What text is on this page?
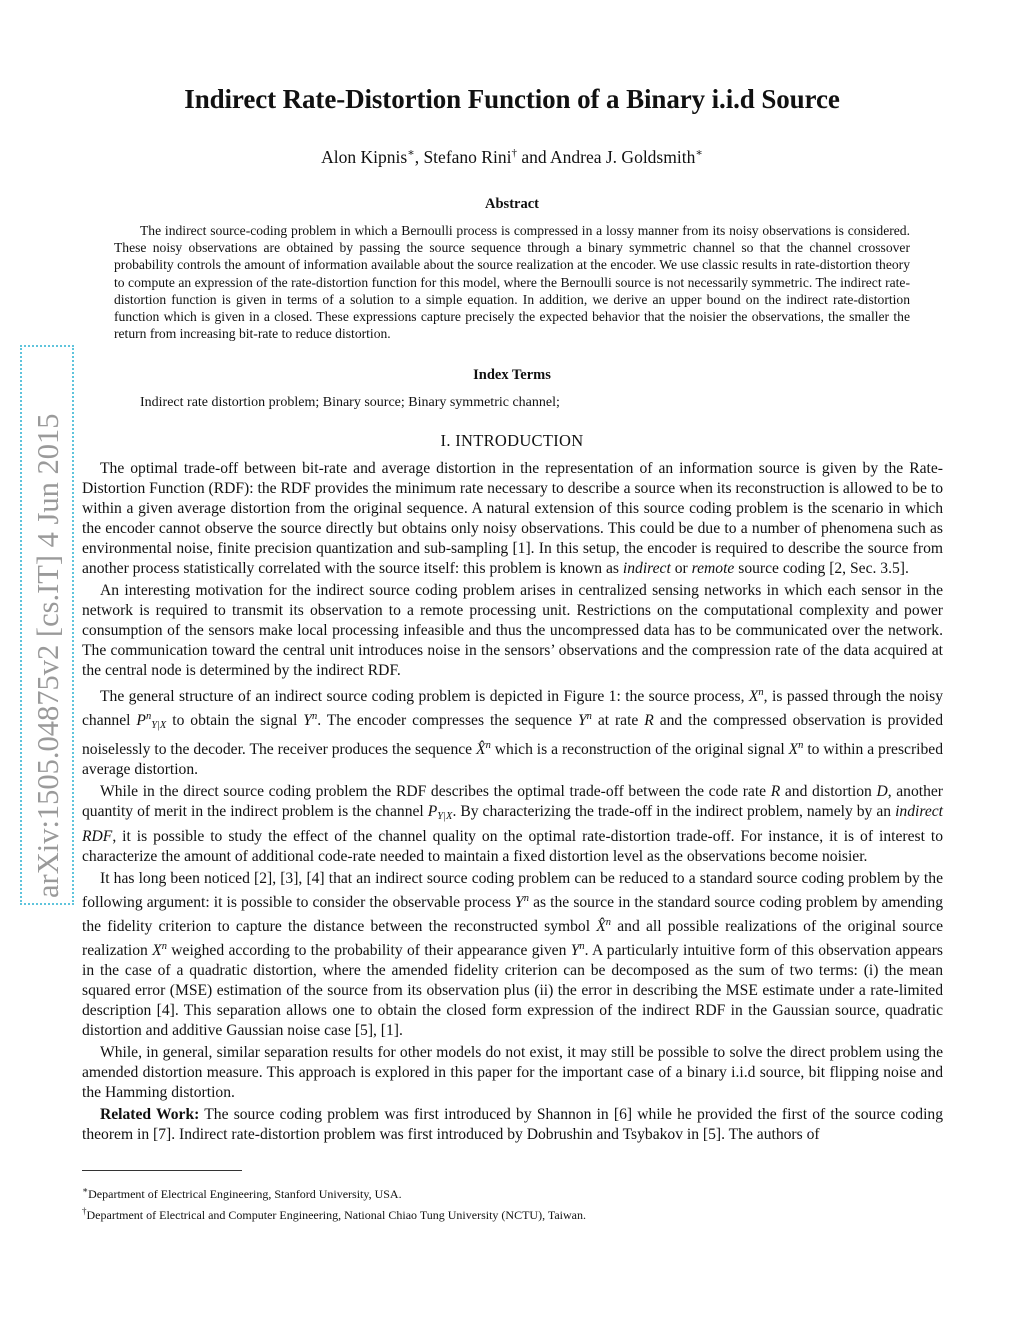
arXiv:1505.04875v2 [cs.IT] 4 Jun 2015
Indirect Rate-Distortion Function of a Binary i.i.d Source
Alon Kipnis∗, Stefano Rini† and Andrea J. Goldsmith∗
Abstract

The indirect source-coding problem in which a Bernoulli process is compressed in a lossy manner from its noisy observations is considered. These noisy observations are obtained by passing the source sequence through a binary symmetric channel so that the channel crossover probability controls the amount of information available about the source realization at the encoder. We use classic results in rate-distortion theory to compute an expression of the rate-distortion function for this model, where the Bernoulli source is not necessarily symmetric. The indirect rate-distortion function is given in terms of a solution to a simple equation. In addition, we derive an upper bound on the indirect rate-distortion function which is given in a closed. These expressions capture precisely the expected behavior that the noisier the observations, the smaller the return from increasing bit-rate to reduce distortion.

Index Terms

Indirect rate distortion problem; Binary source; Binary symmetric channel;

I. INTRODUCTION

The optimal trade-off between bit-rate and average distortion in the representation of an information source is given by the Rate-Distortion Function (RDF): the RDF provides the minimum rate necessary to describe a source when its reconstruction is allowed to be to within a given average distortion from the original sequence. A natural extension of this source coding problem is the scenario in which the encoder cannot observe the source directly but obtains only noisy observations. This could be due to a number of phenomena such as environmental noise, finite precision quantization and sub-sampling [1]. In this setup, the encoder is required to describe the source from another process statistically correlated with the source itself: this problem is known as indirect or remote source coding [2, Sec. 3.5].

An interesting motivation for the indirect source coding problem arises in centralized sensing networks in which each sensor in the network is required to transmit its observation to a remote processing unit. Restrictions on the computational complexity and power consumption of the sensors make local processing infeasible and thus the uncompressed data has to be communicated over the network. The communication toward the central unit introduces noise in the sensors’ observations and the compression rate of the data acquired at the central node is determined by the indirect RDF.

The general structure of an indirect source coding problem is depicted in Figure 1: the source process, $X^n$, is passed through the noisy channel $P^n_{Y|X}$ to obtain the signal $Y^n$. The encoder compresses the sequence $Y^n$ at rate R and the compressed observation is provided noiselessly to the decoder. The receiver produces the sequence X̂$^n$ which is a reconstruction of the original signal $X^n$ to within a prescribed average distortion.

While in the direct source coding problem the RDF describes the optimal trade-off between the code rate R and distortion D, another quantity of merit in the indirect problem is the channel $P_{Y|X}$. By characterizing the trade-off in the indirect problem, namely by an indirect RDF, it is possible to study the effect of the channel quality on the optimal rate-distortion trade-off. For instance, it is of interest to characterize the amount of additional code-rate needed to maintain a fixed distortion level as the observations become noisier.

It has long been noticed [2], [3], [4] that an indirect source coding problem can be reduced to a standard source coding problem by the following argument: it is possible to consider the observable process $Y^n$ as the source in the standard source coding problem by amending the fidelity criterion to capture the distance between the reconstructed symbol X̂$^n$ and all possible realizations of the original source realization $X^n$ weighed according to the probability of their appearance given $Y^n$. A particularly intuitive form of this observation appears in the case of a quadratic distortion, where the amended fidelity criterion can be decomposed as the sum of two terms: (i) the mean squared error (MSE) estimation of the source from its observation plus (ii) the error in describing the MSE estimate under a rate-limited description [4]. This separation allows one to obtain the closed form expression of the indirect RDF in the Gaussian source, quadratic distortion and additive Gaussian noise case [5], [1].

While, in general, similar separation results for other models do not exist, it may still be possible to solve the direct problem using the amended distortion measure. This approach is explored in this paper for the important case of a binary i.i.d source, bit flipping noise and the Hamming distortion.

Related Work: The source coding problem was first introduced by Shannon in [6] while he provided the first of the source coding theorem in [7]. Indirect rate-distortion problem was first introduced by Dobrushin and Tsybakov in [5]. The authors of

∗Department of Electrical Engineering, Stanford University, USA.
†Department of Electrical and Computer Engineering, National Chiao Tung University (NCTU), Taiwan.
